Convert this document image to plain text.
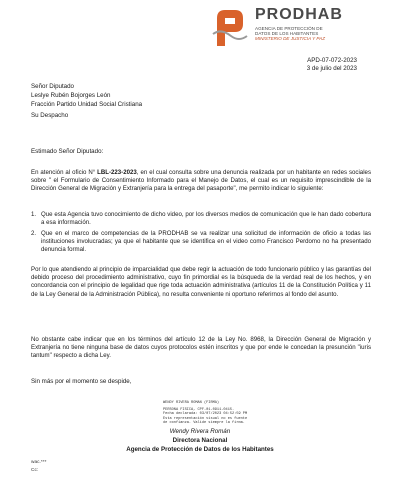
PRODHAB
AGENCIA DE PROTECCIÓN DE
DATOS DE LOS HABITANTES
MINISTERIO DE JUSTICIA Y PAZ
APD-07-072-2023
3 de julio del 2023
Señor Diputado
Leslye Rubén Bojorges León
Fracción Partido Unidad Social Cristiana
Su Despacho
Estimado Señor Diputado:
En atención al oficio N° LBL-223-2023, en el cual consulta sobre una denuncia realizada por un habitante en redes sociales sobre " el Formulario de Consentimiento Informado para el Manejo de Datos, el cual es un requisito imprescindible de la Dirección General de Migración y Extranjería para la entrega del pasaporte", me permito indicar lo siguiente:
1. Que esta Agencia tuvo conocimiento de dicho video, por los diversos medios de comunicación que le han dado cobertura a esa información.
2. Que en el marco de competencias de la PRODHAB se va realizar una solicitud de información de oficio a todas las instituciones involucradas; ya que el habitante que se identifica en el video como Francisco Perdomo no ha presentado denuncia formal.
Por lo que atendiendo al principio de imparcialidad que debe regir la actuación de todo funcionario público y las garantías del debido proceso del procedimiento administrativo, cuyo fin primordial es la búsqueda de la verdad real de los hechos, y en concordancia con el principio de legalidad que rige toda actuación administrativa (artículos 11 de la Constitución Política y 11 de la Ley General de la Administración Pública), no resulta conveniente ni oportuno referirnos al fondo del asunto.
No obstante cabe indicar que en los términos del artículo 12 de la Ley No. 8968, la Dirección General de Migración y Extranjería no tiene ninguna base de datos cuyos protocolos estén inscritos y que por ende le concedan la presunción "iuris tantum" respecto a dicha Ley.
Sin más por el momento se despide,
WENDY RIVERA ROMAN (FIRMA)
PERSONA FISICA, CPF-01-0911-0415.
Fecha declarada: 03/07/2023 04:52:59 PM
Esta representación visual no es fuente
de confianza. Valide siempre la firma.
Wendy Rivera Román
Directora Nacional
Agencia de Protección de Datos de los Habitantes
wac.***
Cc:
